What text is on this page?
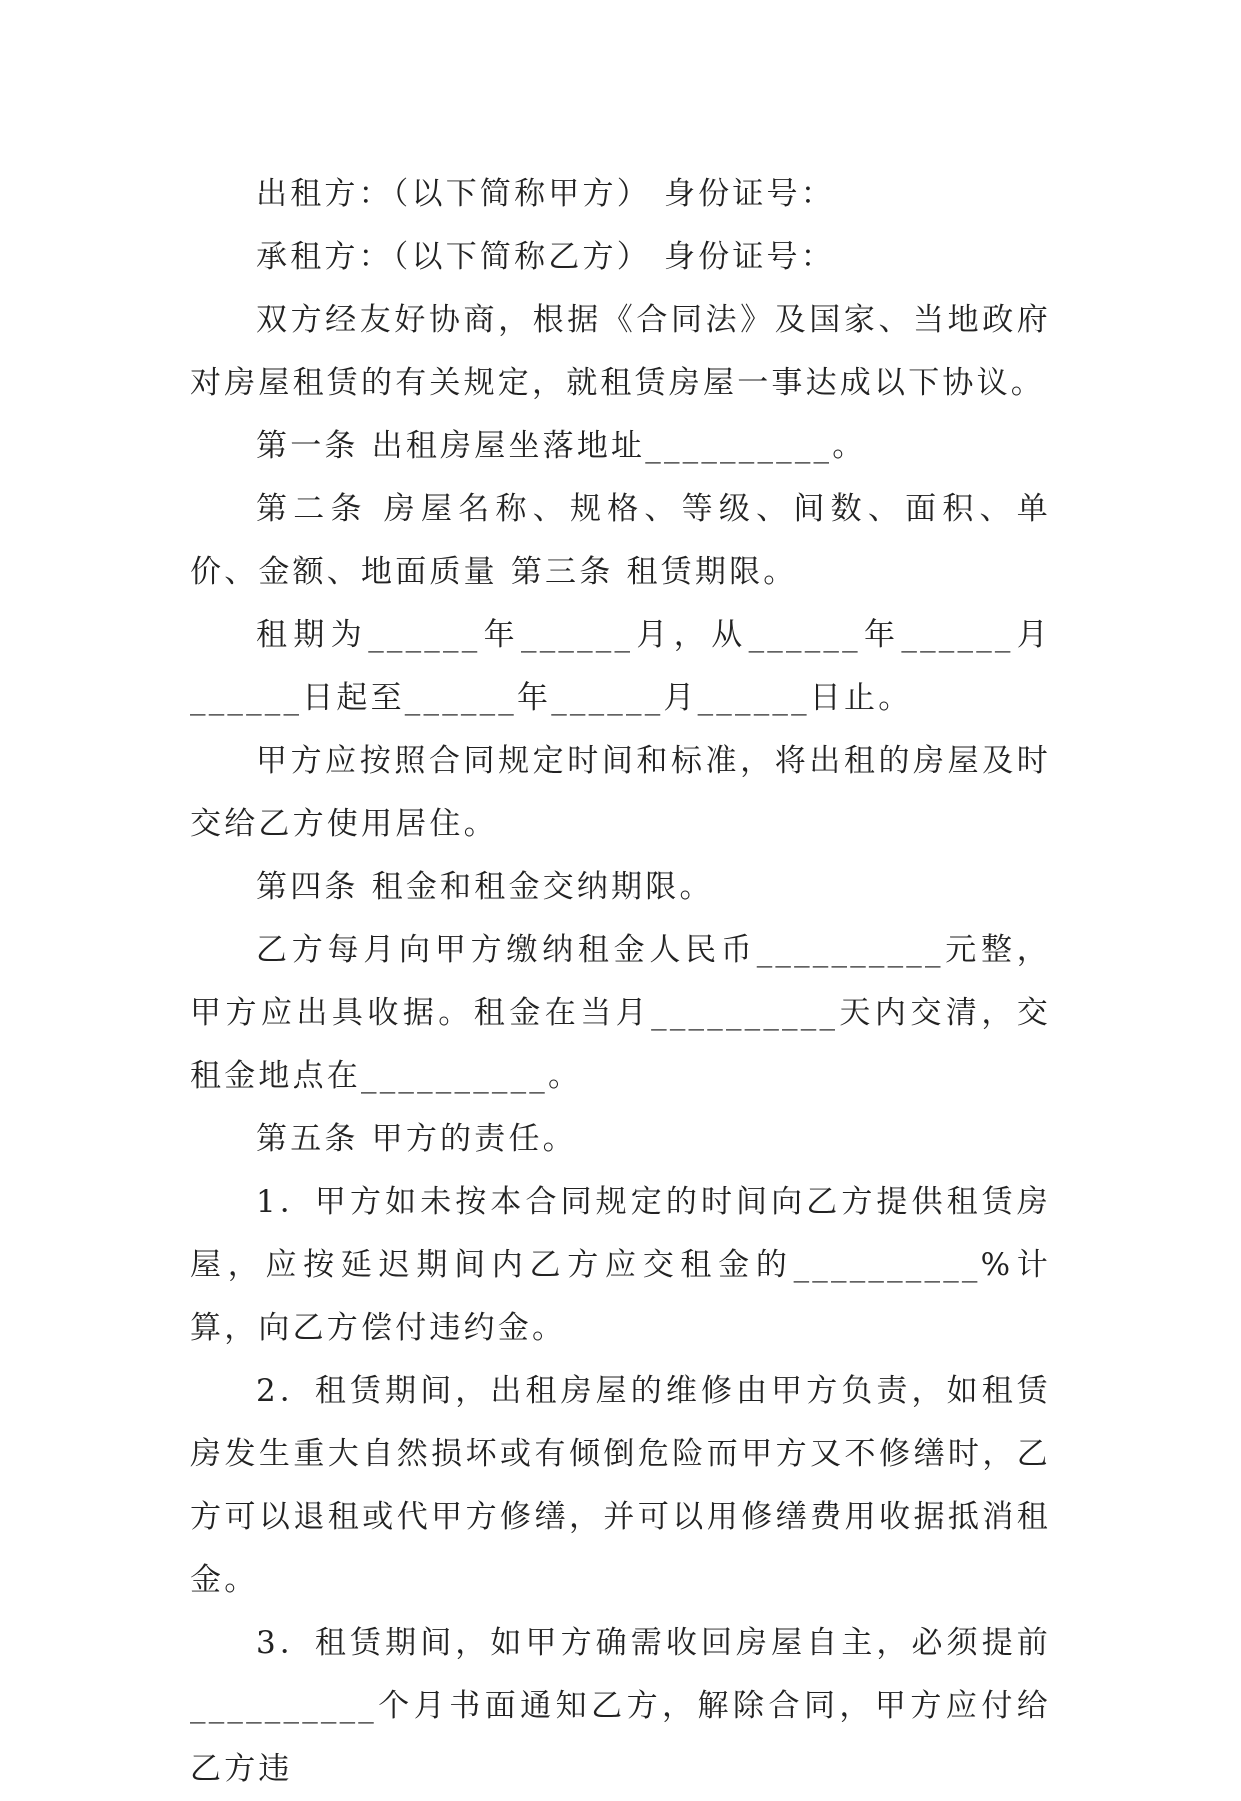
出租方：（以下简称甲方） 身份证号：

承租方：（以下简称乙方） 身份证号：

双方经友好协商，根据《合同法》及国家、当地政府对房屋租赁的有关规定，就租赁房屋一事达成以下协议。

第一条 出租房屋坐落地址__________。

第二条 房屋名称、规格、等级、间数、面积、单价、金额、地面质量 第三条 租赁期限。

租期为______年______月，从______年______月______日起至______年______月______日止。

甲方应按照合同规定时间和标准，将出租的房屋及时交给乙方使用居住。

第四条 租金和租金交纳期限。

乙方每月向甲方缴纳租金人民币__________元整，甲方应出具收据。租金在当月__________天内交清，交租金地点在__________。

第五条 甲方的责任。

1．甲方如未按本合同规定的时间向乙方提供租赁房屋，应按延迟期间内乙方应交租金的__________%计算，向乙方偿付违约金。

2．租赁期间，出租房屋的维修由甲方负责，如租赁房发生重大自然损坏或有倾倒危险而甲方又不修缮时，乙方可以退租或代甲方修缮，并可以用修缮费用收据抵消租金。

3．租赁期间，如甲方确需收回房屋自主，必须提前__________个月书面通知乙方，解除合同，甲方应付给乙方违
